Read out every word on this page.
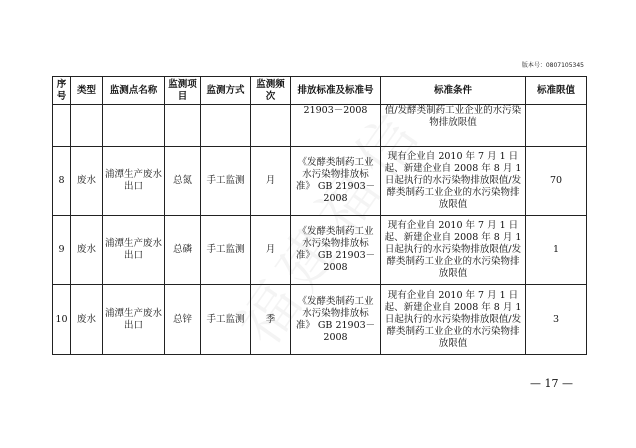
版本号：0807105345
序号	类型	监测点名称	监测项目	监测方式	监测频次	排放标准及标准号	标准条件	标准限值
						21903－2008	值/发酵类制药工业企业的水污染物排放限值	
8	废水	浦潭生产废水出口	总氮	手工监测	月	《发酵类制药工业水污染物排放标准》 GB 21903－2008	现有企业自 2010 年 7 月 1 日起、新建企业自 2008 年 8 月 1 日起执行的水污染物排放限值/发酵类制药工业企业的水污染物排放限值	70
9	废水	浦潭生产废水出口	总磷	手工监测	月	《发酵类制药工业水污染物排放标准》 GB 21903－2008	现有企业自 2010 年 7 月 1 日起、新建企业自 2008 年 8 月 1 日起执行的水污染物排放限值/发酵类制药工业企业的水污染物排放限值	1
10	废水	浦潭生产废水出口	总锌	手工监测	季	《发酵类制药工业水污染物排放标准》 GB 21903－2008	现有企业自 2010 年 7 月 1 日起、新建企业自 2008 年 8 月 1 日起执行的水污染物排放限值/发酵类制药工业企业的水污染物排放限值	3
— 17 —
